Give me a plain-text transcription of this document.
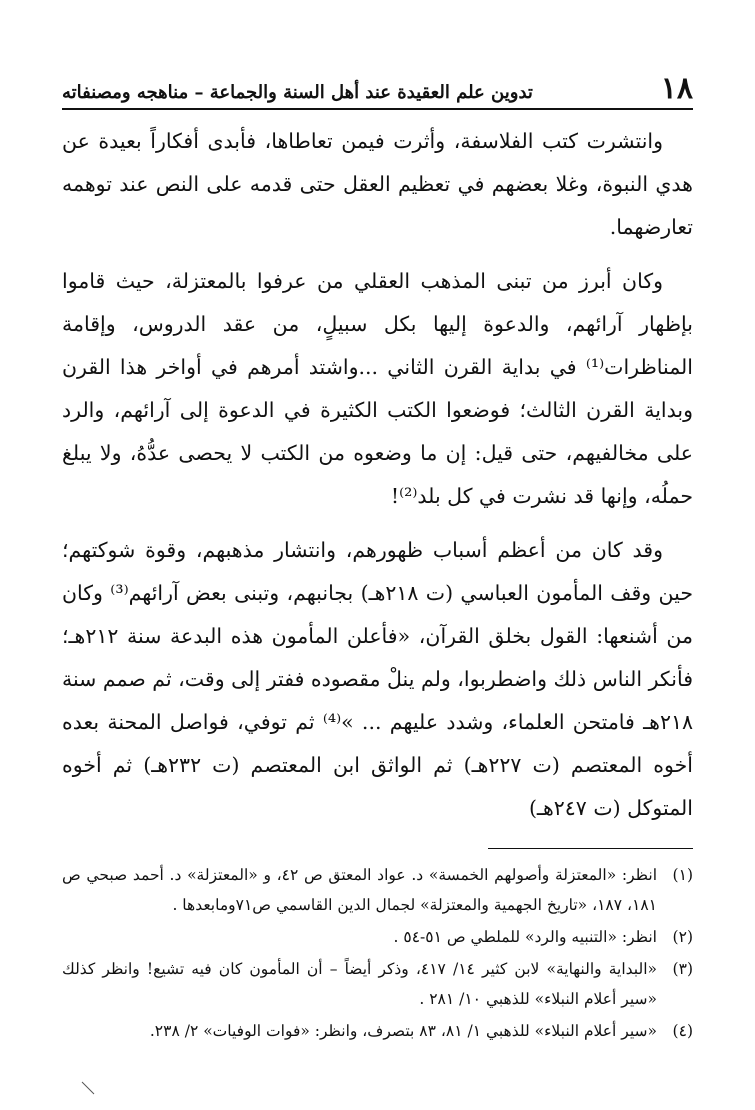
١٨
تدوين علم العقيدة عند أهل السنة والجماعة – مناهجه ومصنفاته

وانتشرت كتب الفلاسفة، وأثرت فيمن تعاطاها، فأبدى أفكاراً بعيدة عن هدي النبوة، وغلا بعضهم في تعظيم العقل حتى قدمه على النص عند توهمه تعارضهما.

وكان أبرز من تبنى المذهب العقلي من عرفوا بالمعتزلة، حيث قاموا بإظهار آرائهم، والدعوة إليها بكل سبيلٍ، من عقد الدروس، وإقامة المناظرات⁽¹⁾ في بداية القرن الثاني ...واشتد أمرهم في أواخر هذا القرن وبداية القرن الثالث؛ فوضعوا الكتب الكثيرة في الدعوة إلى آرائهم، والرد على مخالفيهم، حتى قيل: إن ما وضعوه من الكتب لا يحصى عدُّهُ، ولا يبلغ حملُه، وإنها قد نشرت في كل بلد⁽²⁾!

وقد كان من أعظم أسباب ظهورهم، وانتشار مذهبهم، وقوة شوكتهم؛ حين وقف المأمون العباسي (ت ٢١٨هـ) بجانبهم، وتبنى بعض آرائهم⁽³⁾ وكان من أشنعها: القول بخلق القرآن، «فأعلن المأمون هذه البدعة سنة ٢١٢هـ؛ فأنكر الناس ذلك واضطربوا، ولم ينلْ مقصوده ففتر إلى وقت، ثم صمم سنة ٢١٨هـ فامتحن العلماء، وشدد عليهم ... »⁽⁴⁾ ثم توفي، فواصل المحنة بعده أخوه المعتصم (ت ٢٢٧هـ) ثم الواثق ابن المعتصم (ت ٢٣٢هـ) ثم أخوه المتوكل (ت ٢٤٧هـ)

(١)
انظر: «المعتزلة وأصولهم الخمسة» د. عواد المعتق ص ٤٢، و «المعتزلة» د. أحمد صبحي ص ١٨١، ١٨٧، «تاريخ الجهمية والمعتزلة» لجمال الدين القاسمي ص٧١ومابعدها .
(٢)
انظر: «التنبيه والرد» للملطي ص ٥١-٥٤ .
(٣)
«البداية والنهاية» لابن كثير ١٤/ ٤١٧، وذكر أيضاً – أن المأمون كان فيه تشيع! وانظر كذلك «سير أعلام النبلاء» للذهبي ١٠/ ٢٨١ .
(٤)
«سير أعلام النبلاء» للذهبي ١/ ٨١، ٨٣ بتصرف، وانظر: «فوات الوفيات» ٢/ ٢٣٨.
